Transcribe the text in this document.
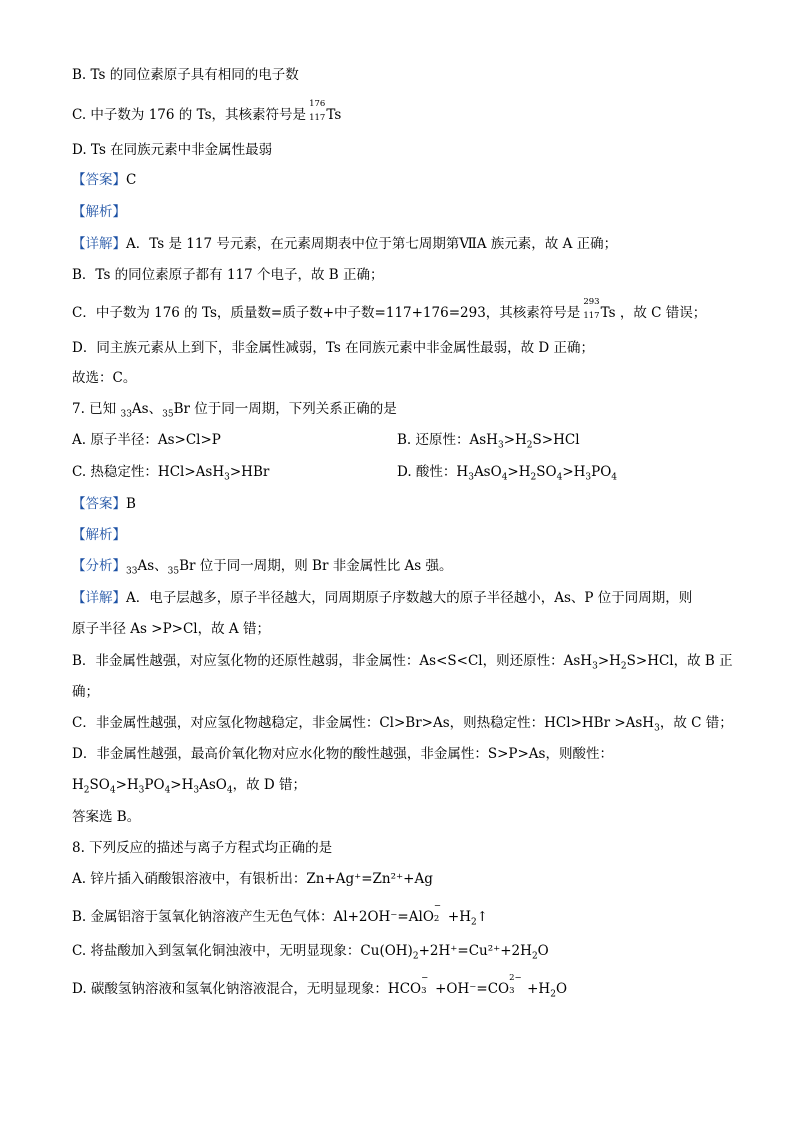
B. Ts 的同位素原子具有相同的电子数
C. 中子数为 176 的 Ts，其核素符号是
176
117 Ts
D. Ts 在同族元素中非金属性最弱
【答案】C
【解析】
【详解】A．Ts 是 117 号元素，在元素周期表中位于第七周期第ⅦA 族元素，故 A 正确；
B．Ts 的同位素原子都有 117 个电子，故 B 正确；
C．中子数为 176 的 Ts，质量数=质子数+中子数=117+176=293，其核素符号是
293
117 Ts ，故 C 错误；
D．同主族元素从上到下，非金属性减弱，Ts 在同族元素中非金属性最弱，故 D 正确；
故选：C。
7. 已知 $_{33}$As、$_{35}$Br 位于同一周期，下列关系正确的是
A. 原子半径：As>Cl>P	B. 还原性：$AsH_3>H_2S>HCl$
C. 热稳定性：HCl>AsH$_3$>HBr	D. 酸性：$H_3AsO_4>H_2SO_4>H_3PO_4$
【答案】B
【解析】
【分析】$_{33}$As、$_{35}$Br 位于同一周期，则 Br 非金属性比 As 强。
【详解】A．电子层越多，原子半径越大，同周期原子序数越大的原子半径越小，As、P 位于同周期，则
原子半径 As >P>Cl，故 A 错；
B．非金属性越强，对应氢化物的还原性越弱，非金属性：As<S<Cl，则还原性：$AsH_3>H_2S>HCl$，故 B 正
确；
C．非金属性越强，对应氢化物越稳定，非金属性：Cl>Br>As，则热稳定性：HCl>HBr >AsH$_3$，故 C 错；
D．非金属性越强，最高价氧化物对应水化物的酸性越强，非金属性：S>P>As，则酸性：
$H_2SO_4>H_3PO_4>H_3AsO_4$，故 D 错；
答案选 B。
8. 下列反应的描述与离子方程式均正确的是
A. 锌片插入硝酸银溶液中，有银析出：Zn+Ag⁺=Zn²⁺+Ag
B. 金属铝溶于氢氧化钠溶液产生无色气体：Al+2OH⁻=AlO
−
$2 +H_2↑$
C. 将盐酸加入到氢氧化铜浊液中，无明显现象：$Cu(OH)_2+2H^+=Cu^{2+}+2H_2O$
D. 碳酸氢钠溶液和氢氧化钠溶液混合，无明显现象：HCO
−
3 +OH⁻=CO
2−
$3 +H_2O$
